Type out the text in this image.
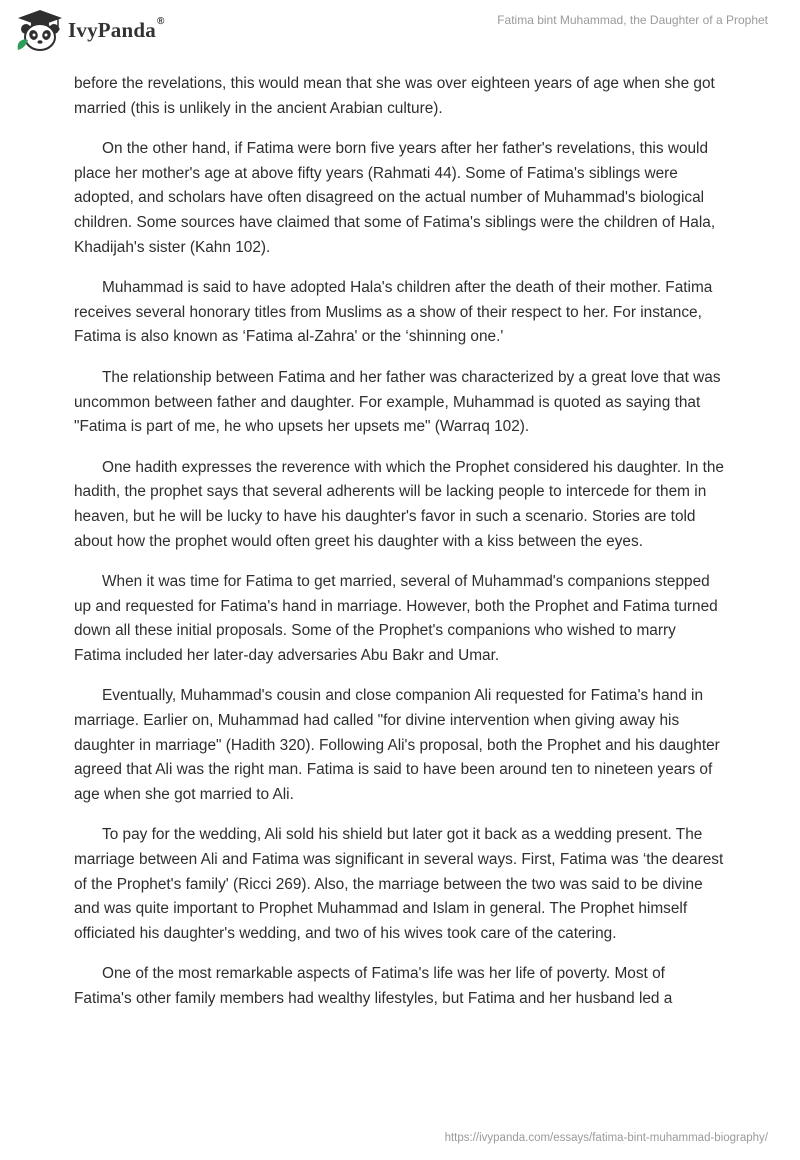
IvyPanda®	Fatima bint Muhammad, the Daughter of a Prophet

before the revelations, this would mean that she was over eighteen years of age when she got married (this is unlikely in the ancient Arabian culture).

On the other hand, if Fatima were born five years after her father's revelations, this would place her mother's age at above fifty years (Rahmati 44). Some of Fatima's siblings were adopted, and scholars have often disagreed on the actual number of Muhammad's biological children. Some sources have claimed that some of Fatima's siblings were the children of Hala, Khadijah's sister (Kahn 102).

Muhammad is said to have adopted Hala's children after the death of their mother. Fatima receives several honorary titles from Muslims as a show of their respect to her. For instance, Fatima is also known as ‘Fatima al-Zahra' or the ‘shinning one.'

The relationship between Fatima and her father was characterized by a great love that was uncommon between father and daughter. For example, Muhammad is quoted as saying that "Fatima is part of me, he who upsets her upsets me" (Warraq 102).

One hadith expresses the reverence with which the Prophet considered his daughter. In the hadith, the prophet says that several adherents will be lacking people to intercede for them in heaven, but he will be lucky to have his daughter's favor in such a scenario. Stories are told about how the prophet would often greet his daughter with a kiss between the eyes.

When it was time for Fatima to get married, several of Muhammad's companions stepped up and requested for Fatima's hand in marriage. However, both the Prophet and Fatima turned down all these initial proposals. Some of the Prophet's companions who wished to marry Fatima included her later-day adversaries Abu Bakr and Umar.

Eventually, Muhammad's cousin and close companion Ali requested for Fatima's hand in marriage. Earlier on, Muhammad had called "for divine intervention when giving away his daughter in marriage" (Hadith 320). Following Ali's proposal, both the Prophet and his daughter agreed that Ali was the right man. Fatima is said to have been around ten to nineteen years of age when she got married to Ali.

To pay for the wedding, Ali sold his shield but later got it back as a wedding present. The marriage between Ali and Fatima was significant in several ways. First, Fatima was ‘the dearest of the Prophet's family' (Ricci 269). Also, the marriage between the two was said to be divine and was quite important to Prophet Muhammad and Islam in general. The Prophet himself officiated his daughter's wedding, and two of his wives took care of the catering.

One of the most remarkable aspects of Fatima's life was her life of poverty. Most of Fatima's other family members had wealthy lifestyles, but Fatima and her husband led a

https://ivypanda.com/essays/fatima-bint-muhammad-biography/
